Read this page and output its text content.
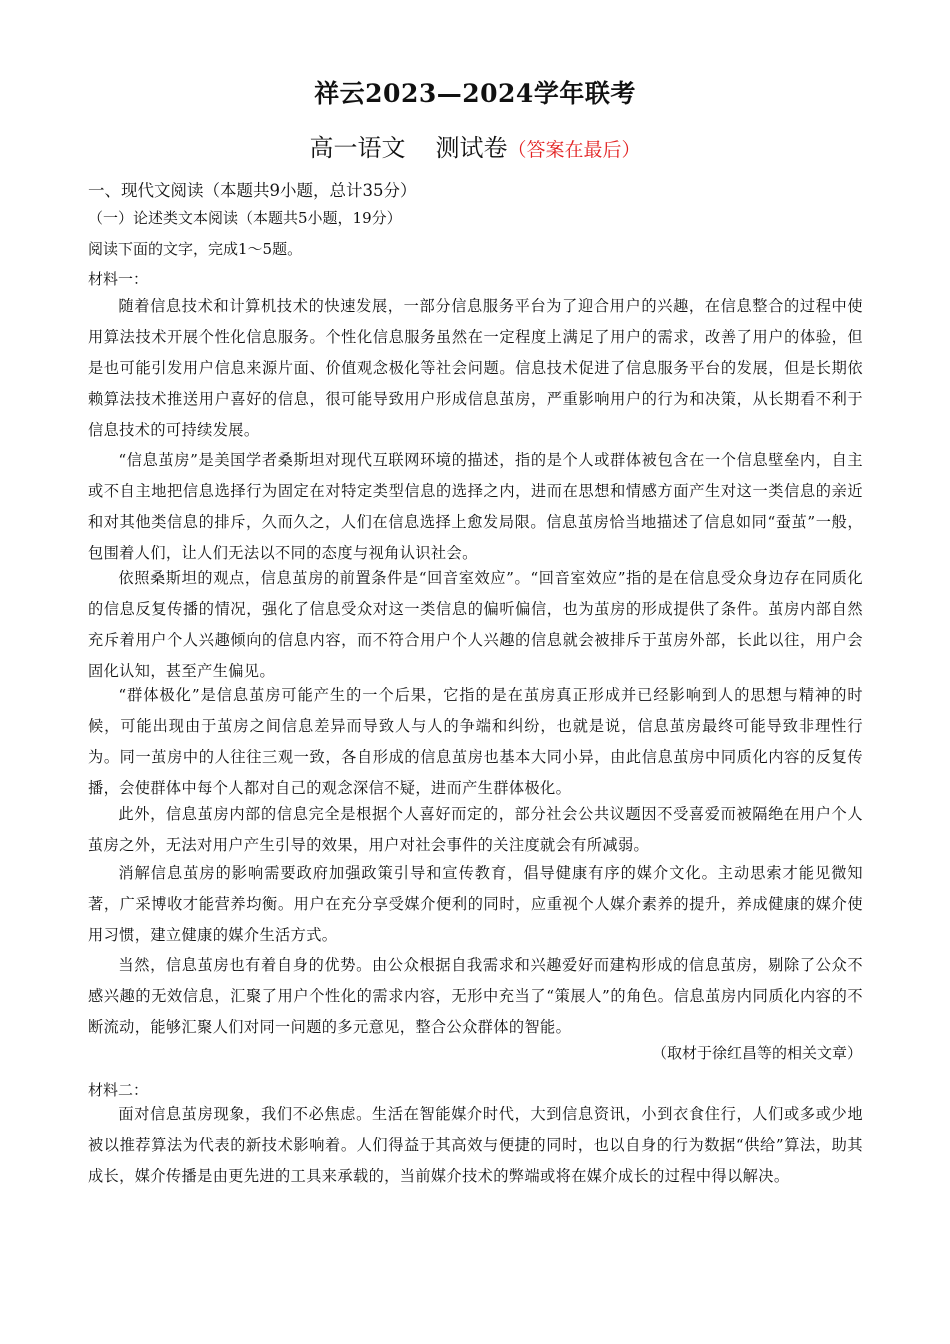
祥云2023—2024学年联考
高一语文 测试卷（答案在最后）
一、现代文阅读（本题共9小题，总计35分）
（一）论述类文本阅读（本题共5小题，19分）
阅读下面的文字，完成1～5题。
材料一：

随着信息技术和计算机技术的快速发展，一部分信息服务平台为了迎合用户的兴趣，在信息整合的过程中使用算法技术开展个性化信息服务。个性化信息服务虽然在一定程度上满足了用户的需求，改善了用户的体验，但是也可能引发用户信息来源片面、价值观念极化等社会问题。信息技术促进了信息服务平台的发展，但是长期依赖算法技术推送用户喜好的信息，很可能导致用户形成信息茧房，严重影响用户的行为和决策，从长期看不利于信息技术的可持续发展。

“信息茧房”是美国学者桑斯坦对现代互联网环境的描述，指的是个人或群体被包含在一个信息壁垒内，自主或不自主地把信息选择行为固定在对特定类型信息的选择之内，进而在思想和情感方面产生对这一类信息的亲近和对其他类信息的排斥，久而久之，人们在信息选择上愈发局限。信息茧房恰当地描述了信息如同“蚕茧”一般，包围着人们，让人们无法以不同的态度与视角认识社会。

依照桑斯坦的观点，信息茧房的前置条件是“回音室效应”。“回音室效应”指的是在信息受众身边存在同质化的信息反复传播的情况，强化了信息受众对这一类信息的偏听偏信，也为茧房的形成提供了条件。茧房内部自然充斥着用户个人兴趣倾向的信息内容，而不符合用户个人兴趣的信息就会被排斥于茧房外部，长此以往，用户会固化认知，甚至产生偏见。

“群体极化”是信息茧房可能产生的一个后果，它指的是在茧房真正形成并已经影响到人的思想与精神的时候，可能出现由于茧房之间信息差异而导致人与人的争端和纠纷，也就是说，信息茧房最终可能导致非理性行为。同一茧房中的人往往三观一致，各自形成的信息茧房也基本大同小异，由此信息茧房中同质化内容的反复传播，会使群体中每个人都对自己的观念深信不疑，进而产生群体极化。

此外，信息茧房内部的信息完全是根据个人喜好而定的，部分社会公共议题因不受喜爱而被隔绝在用户个人茧房之外，无法对用户产生引导的效果，用户对社会事件的关注度就会有所减弱。

消解信息茧房的影响需要政府加强政策引导和宣传教育，倡导健康有序的媒介文化。主动思索才能见微知著，广采博收才能营养均衡。用户在充分享受媒介便利的同时，应重视个人媒介素养的提升，养成健康的媒介使用习惯，建立健康的媒介生活方式。

当然，信息茧房也有着自身的优势。由公众根据自我需求和兴趣爱好而建构形成的信息茧房，剔除了公众不感兴趣的无效信息，汇聚了用户个性化的需求内容，无形中充当了“策展人”的角色。信息茧房内同质化内容的不断流动，能够汇聚人们对同一问题的多元意见，整合公众群体的智能。

（取材于徐红昌等的相关文章）
材料二：

面对信息茧房现象，我们不必焦虑。生活在智能媒介时代，大到信息资讯，小到衣食住行，人们或多或少地被以推荐算法为代表的新技术影响着。人们得益于其高效与便捷的同时，也以自身的行为数据“供给”算法，助其成长，媒介传播是由更先进的工具来承载的，当前媒介技术的弊端或将在媒介成长的过程中得以解决。
